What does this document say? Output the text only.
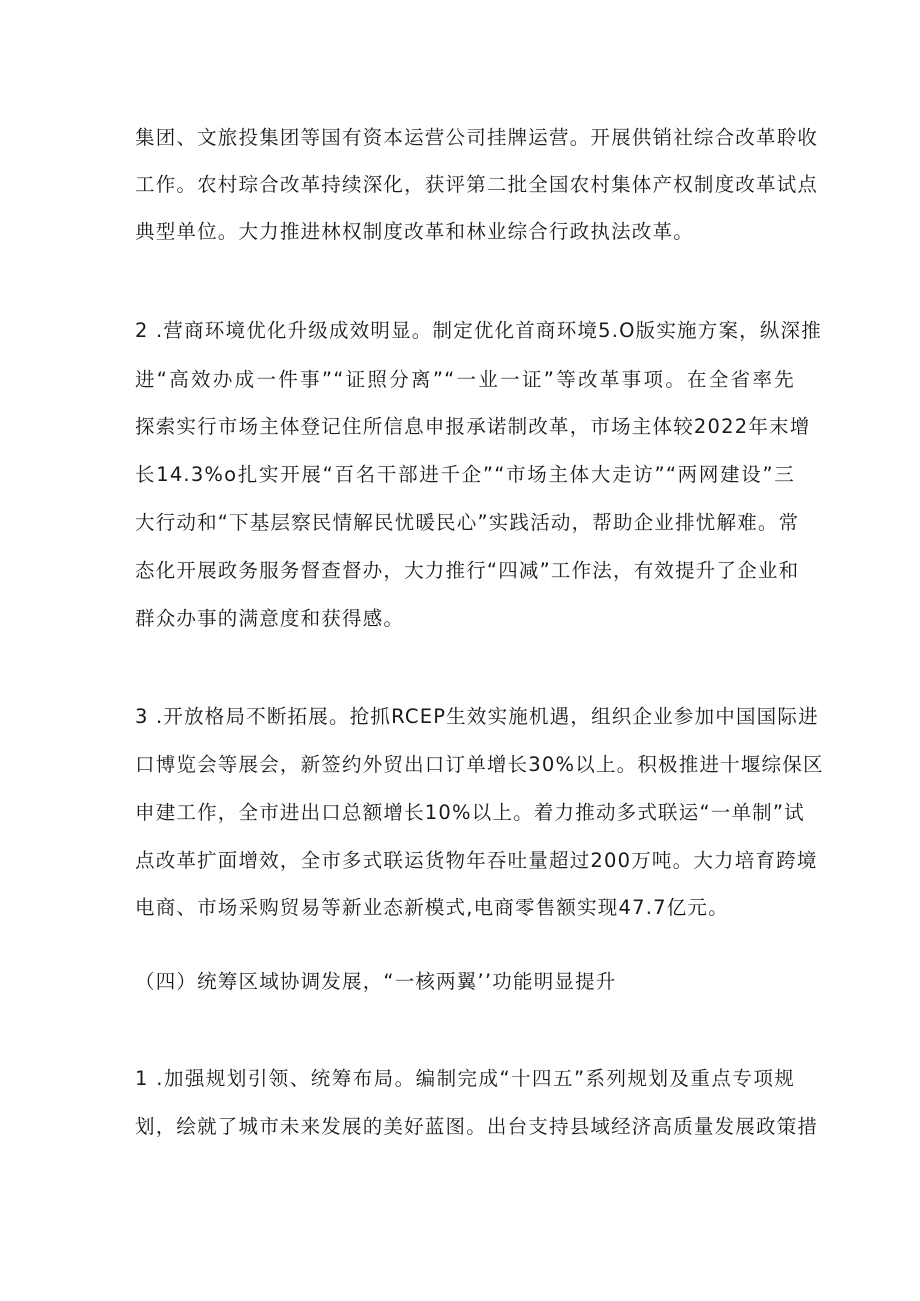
集团、文旅投集团等国有资本运营公司挂牌运营。开展供销社综合改革聆收
工作。农村琮合改革持续深化，获评第二批全国农村集体产权制度改革试点
典型单位。大力推进林权制度改革和林业综合行政执法改革。
2 .营商环境优化升级成效明显。制定优化首商环境5.O版实施方案，纵深推
进“高效办成一件事”“证照分离”“一业一证”等改革事项。在全省率先
探索实行市场主体登记住所信息申报承诺制改革，市场主体较2022年末增
长14.3%o扎实开展“百名干部进千企”“市场主体大走访”“两网建设”三
大行动和“下基层察民情解民忧暖民心”实践活动，帮助企业排忧解难。常
态化开展政务服务督查督办，大力推行“四减”工作法，有效提升了企业和
群众办事的满意度和获得感。
3 .开放格局不断拓展。抢抓RCEP生效实施机遇，组织企业参加中国国际进
口博览会等展会，新签约外贸出口订单增长30%以上。积极推进十堰综保区
申建工作，全市进出口总额增长10%以上。着力推动多式联运“一单制”试
点改革扩面增效，全市多式联运货物年吞吐量超过200万吨。大力培育跨境
电商、市场采购贸易等新业态新模式,电商零售额实现47.7亿元。
（四）统筹区域协调发展，“一核两翼’’功能明显提升
1 .加强规划引领、统筹布局。编制完成“十四五”系列规划及重点专项规
划，绘就了城市未来发展的美好蓝图。出台支持县域经济高质量发展政策措
